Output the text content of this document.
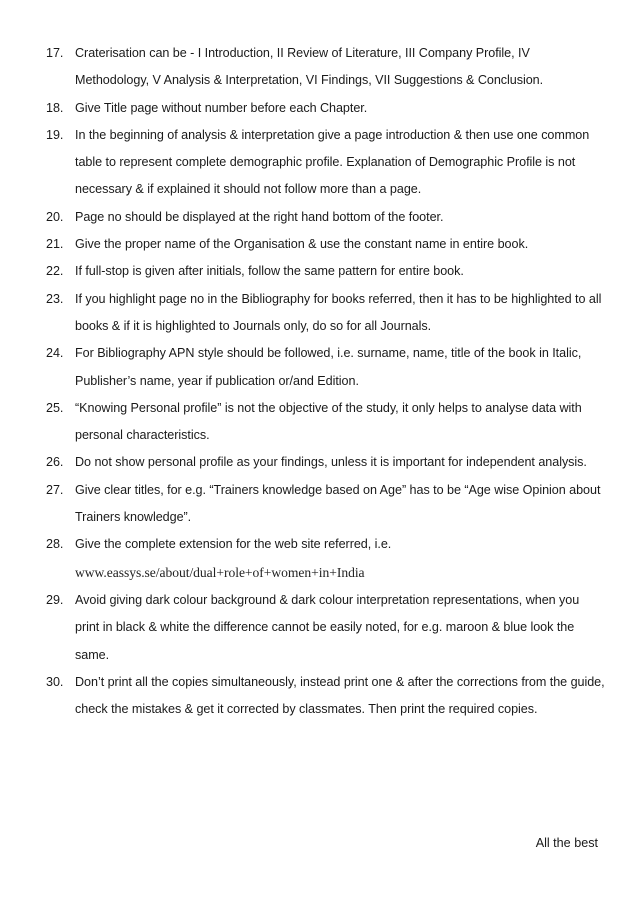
17. Craterisation can be - I Introduction, II Review of Literature, III Company Profile, IV Methodology, V Analysis & Interpretation, VI Findings, VII Suggestions & Conclusion.
18. Give Title page without number before each Chapter.
19. In the beginning of analysis & interpretation give a page introduction & then use one common table to represent complete demographic profile. Explanation of Demographic Profile is not necessary & if explained it should not follow more than a page.
20. Page no should be displayed at the right hand bottom of the footer.
21. Give the proper name of the Organisation & use the constant name in entire book.
22. If full-stop is given after initials, follow the same pattern for entire book.
23. If you highlight page no in the Bibliography for books referred, then it has to be highlighted to all books & if it is highlighted to Journals only, do so for all Journals.
24. For Bibliography APN style should be followed, i.e. surname, name, title of the book in Italic, Publisher’s name, year if publication or/and Edition.
25. “Knowing Personal profile” is not the objective of the study, it only helps to analyse data with personal characteristics.
26. Do not show personal profile as your findings, unless it is important for independent analysis.
27. Give clear titles, for e.g. “Trainers knowledge based on Age” has to be “Age wise Opinion about Trainers knowledge”.
28. Give the complete extension for the web site referred, i.e.
www.eassys.se/about/dual+role+of+women+in+India
29. Avoid giving dark colour background & dark colour interpretation representations, when you print in black & white the difference cannot be easily noted, for e.g. maroon & blue look the same.
30. Don’t print all the copies simultaneously, instead print one & after the corrections from the guide, check the mistakes & get it corrected by classmates. Then print the required copies.
All the best
